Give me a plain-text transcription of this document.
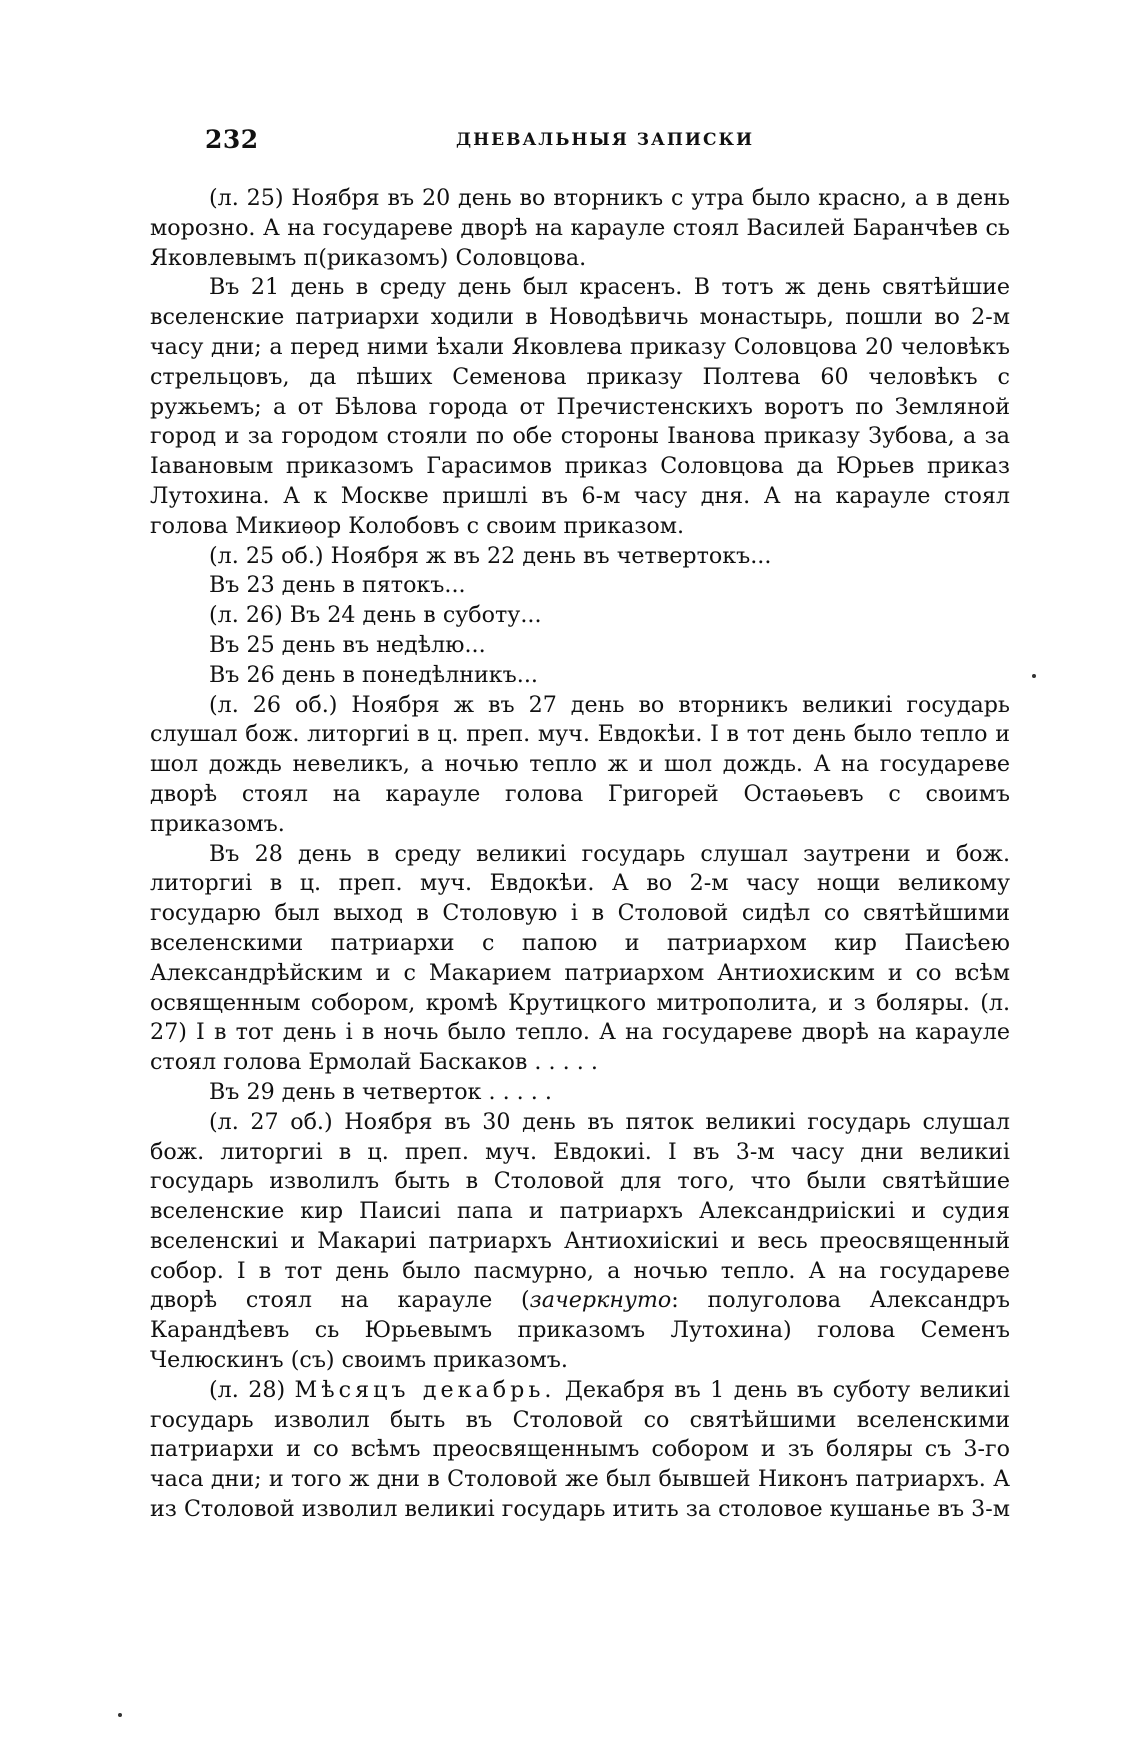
232	ДНЕВАЛЬНЫЯ ЗАПИСКИ

(л. 25) Ноября въ 20 день во вторникъ с утра было красно, а в день морозно. А на государеве дворѣ на карауле стоял Василей Баранчѣев сь Яковлевымъ п(риказомъ) Соловцова.

Въ 21 день в среду день был красенъ. В тотъ ж день святѣйшие вселенские патриархи ходили в Новодѣвичь монастырь, пошли во 2-м часу дни; а перед ними ѣхали Яковлева приказу Соловцова 20 человѣкъ стрельцовъ, да пѣших Семенова приказу Полтева 60 человѣкъ с ружьемъ; а от Бѣлова города от Пречистенскихъ воротъ по Земляной город и за городом стояли по обе стороны Іванова приказу Зубова, а за Іавановым приказомъ Гарасимов приказ Соловцова да Юрьев приказ Лутохина. А к Москве пришлі въ 6-м часу дня. А на карауле стоял голова Микиѳор Колобовъ с своим приказом.

(л. 25 об.) Ноября ж въ 22 день въ четвертокъ...

Въ 23 день в пятокъ...

(л. 26) Въ 24 день в суботу...

Въ 25 день въ недѣлю...

Въ 26 день в понедѣлникъ...

(л. 26 об.) Ноября ж въ 27 день во вторникъ великиі государь слушал бож. литоргиі в ц. преп. муч. Евдокѣи. І в тот день было тепло и шол дождь невеликъ, а ночью тепло ж и шол дождь. А на государеве дворѣ стоял на карауле голова Григорей Остаѳьевъ с своимъ приказомъ.

Въ 28 день в среду великиі государь слушал заутрени и бож. литоргиі в ц. преп. муч. Евдокѣи. А во 2-м часу нощи великому государю был выход в Столовую і в Столовой сидѣл со святѣйшими вселенскими патриархи с папою и патриархом кир Паисѣею Александрѣйским и с Макарием патриархом Антиохиским и со всѣм освященным собором, кромѣ Крутицкого митрополита, и з боляры. (л. 27) І в тот день і в ночь было тепло. А на государеве дворѣ на карауле стоял голова Ермолай Баскаков . . . . .

Въ 29 день в четверток . . . . .

(л. 27 об.) Ноября въ 30 день въ пяток великиі государь слушал бож. литоргиі в ц. преп. муч. Евдокиі. І въ 3-м часу дни великиі государь изволилъ быть в Столовой для того, что были святѣйшие вселенские кир Паисиі папа и патриархъ Александриіскиі и судия вселенскиі и Макариі патриархъ Антиохиіскиі и весь преосвященный собор. І в тот день было пасмурно, а ночью тепло. А на государеве дворѣ стоял на карауле (зачеркнуто: полуголова Александръ Карандѣевъ сь Юрьевымъ приказомъ Лутохина) голова Семенъ Челюскинъ (съ) своимъ приказомъ.

(л. 28) Мѣсяцъ декабрь. Декабря въ 1 день въ суботу великиі государь изволил быть въ Столовой со святѣйшими вселенскими патриархи и со всѣмъ преосвященнымъ собором и зъ боляры съ 3-го часа дни; и того ж дни в Столовой же был бывшей Никонъ патриархъ. А из Столовой изволил великиі государь итить за столовое кушанье въ 3-м
